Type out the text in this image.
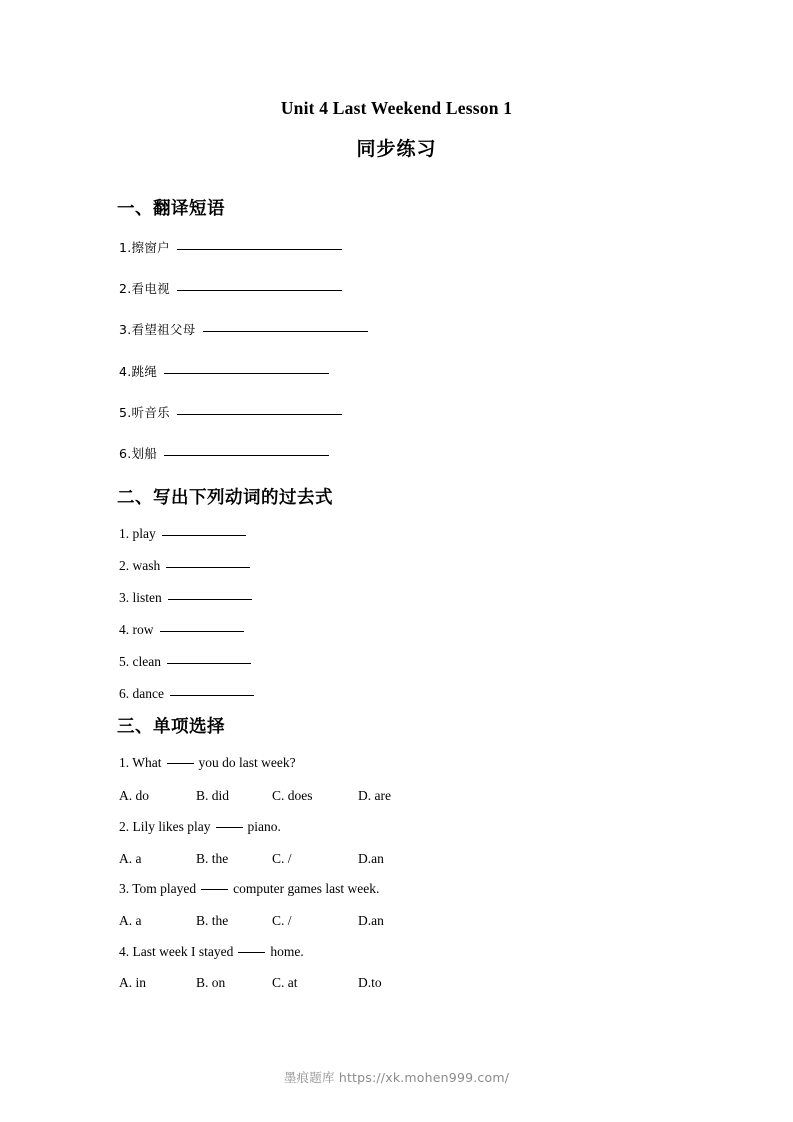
Unit 4 Last Weekend Lesson 1
同步练习
一、翻译短语
1.擦窗户
2.看电视
3.看望祖父母
4.跳绳
5.听音乐
6.划船
二、写出下列动词的过去式
1. play
2. wash
3. listen
4. row
5. clean
6. dance
三、单项选择
1. What	you do last week?
A. do	B. did	C. does	D. are
2. Lily likes play	piano.
A. a	B. the	C. /	D.an
3. Tom played	computer games last week.
A. a	B. the	C. /	D.an
4. Last week I stayed	home.
A. in	B. on	C. at	D.to
墨痕题库 https://xk.mohen999.com/
